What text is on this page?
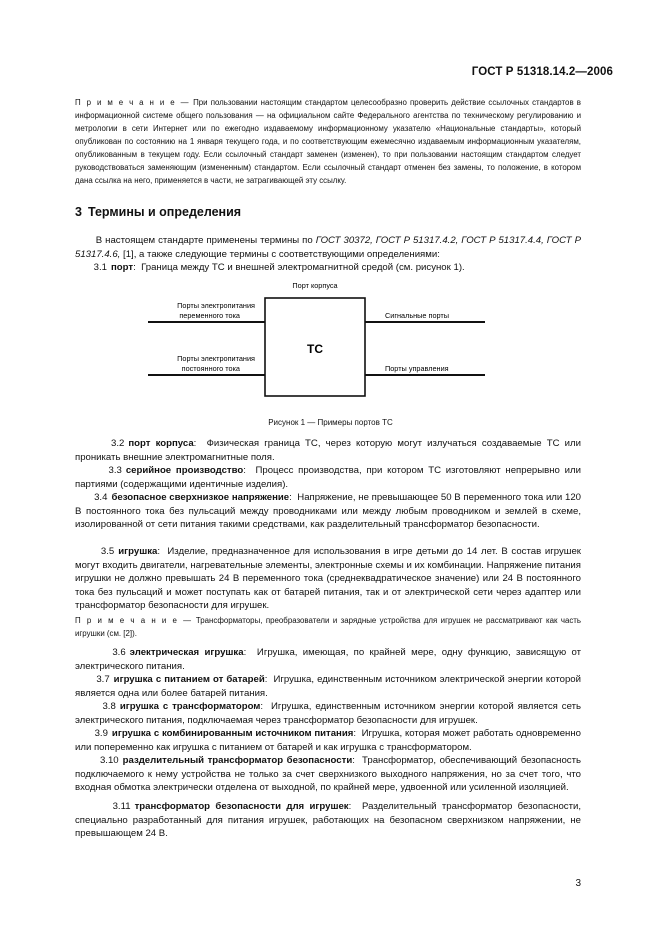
ГОСТ Р 51318.14.2—2006
П р и м е ч а н и е — При пользовании настоящим стандартом целесообразно проверить действие ссылочных стандартов в информационной системе общего пользования — на официальном сайте Федерального агентства по техническому регулированию и метрологии в сети Интернет или по ежегодно издаваемому информационному указателю «Национальные стандарты», который опубликован по состоянию на 1 января текущего года, и по соответствующим ежемесячно издаваемым информационным указателям, опубликованным в текущем году. Если ссылочный стандарт заменен (изменен), то при пользовании настоящим стандартом следует руководствоваться заменяющим (измененным) стандартом. Если ссылочный стандарт отменен без замены, то положение, в котором дана ссылка на него, применяется в части, не затрагивающей эту ссылку.
3 Термины и определения
В настоящем стандарте применены термины по ГОСТ 30372, ГОСТ Р 51317.4.2, ГОСТ Р 51317.4.4, ГОСТ Р 51317.4.6, [1], а также следующие термины с соответствующими определениями:
3.1 порт:  Граница между ТС и внешней электромагнитной средой (см. рисунок 1).
Порт корпуса
ТС
Порты электропитания
переменного тока
Порты электропитания
постоянного тока
Сигнальные порты
Порты управления
Рисунок 1 — Примеры портов ТС
3.2 порт корпуса:  Физическая граница ТС, через которую могут излучаться создаваемые ТС или проникать внешние электромагнитные поля.
3.3 серийное производство:  Процесс производства, при котором ТС изготовляют непрерывно или партиями (содержащими идентичные изделия).
3.4 безопасное сверхнизкое напряжение:  Напряжение, не превышающее 50 В переменного тока или 120 В постоянного тока без пульсаций между проводниками или между любым проводником и землей в схеме, изолированной от сети питания такими средствами, как разделительный трансформатор безопасности.
3.5 игрушка:  Изделие, предназначенное для использования в игре детьми до 14 лет. В состав игрушек могут входить двигатели, нагревательные элементы, электронные схемы и их комбинации. Напряжение питания игрушки не должно превышать 24 В переменного тока (среднеквадратическое значение) или 24 В постоянного тока без пульсаций и может поступать как от батарей питания, так и от электрической сети через адаптер или трансформатор безопасности для игрушек.
П р и м е ч а н и е — Трансформаторы, преобразователи и зарядные устройства для игрушек не рассматривают как часть игрушки (см. [2]).
3.6 электрическая игрушка:  Игрушка, имеющая, по крайней мере, одну функцию, зависящую от электрического питания.
3.7 игрушка с питанием от батарей:  Игрушка, единственным источником электрической энергии которой является одна или более батарей питания.
3.8 игрушка с трансформатором:  Игрушка, единственным источником энергии которой является сеть электрического питания, подключаемая через трансформатор безопасности для игрушек.
3.9 игрушка с комбинированным источником питания:  Игрушка, которая может работать одновременно или попеременно как игрушка с питанием от батарей и как игрушка с трансформатором.
3.10 разделительный трансформатор безопасности:  Трансформатор, обеспечивающий безопасность подключаемого к нему устройства не только за счет сверхнизкого выходного напряжения, но за счет того, что входная обмотка электрически отделена от выходной, по крайней мере, удвоенной или усиленной изоляцией.
3.11 трансформатор безопасности для игрушек:  Разделительный трансформатор безопасности, специально разработанный для питания игрушек, работающих на безопасном сверхнизком напряжении, не превышающем 24 В.
3
